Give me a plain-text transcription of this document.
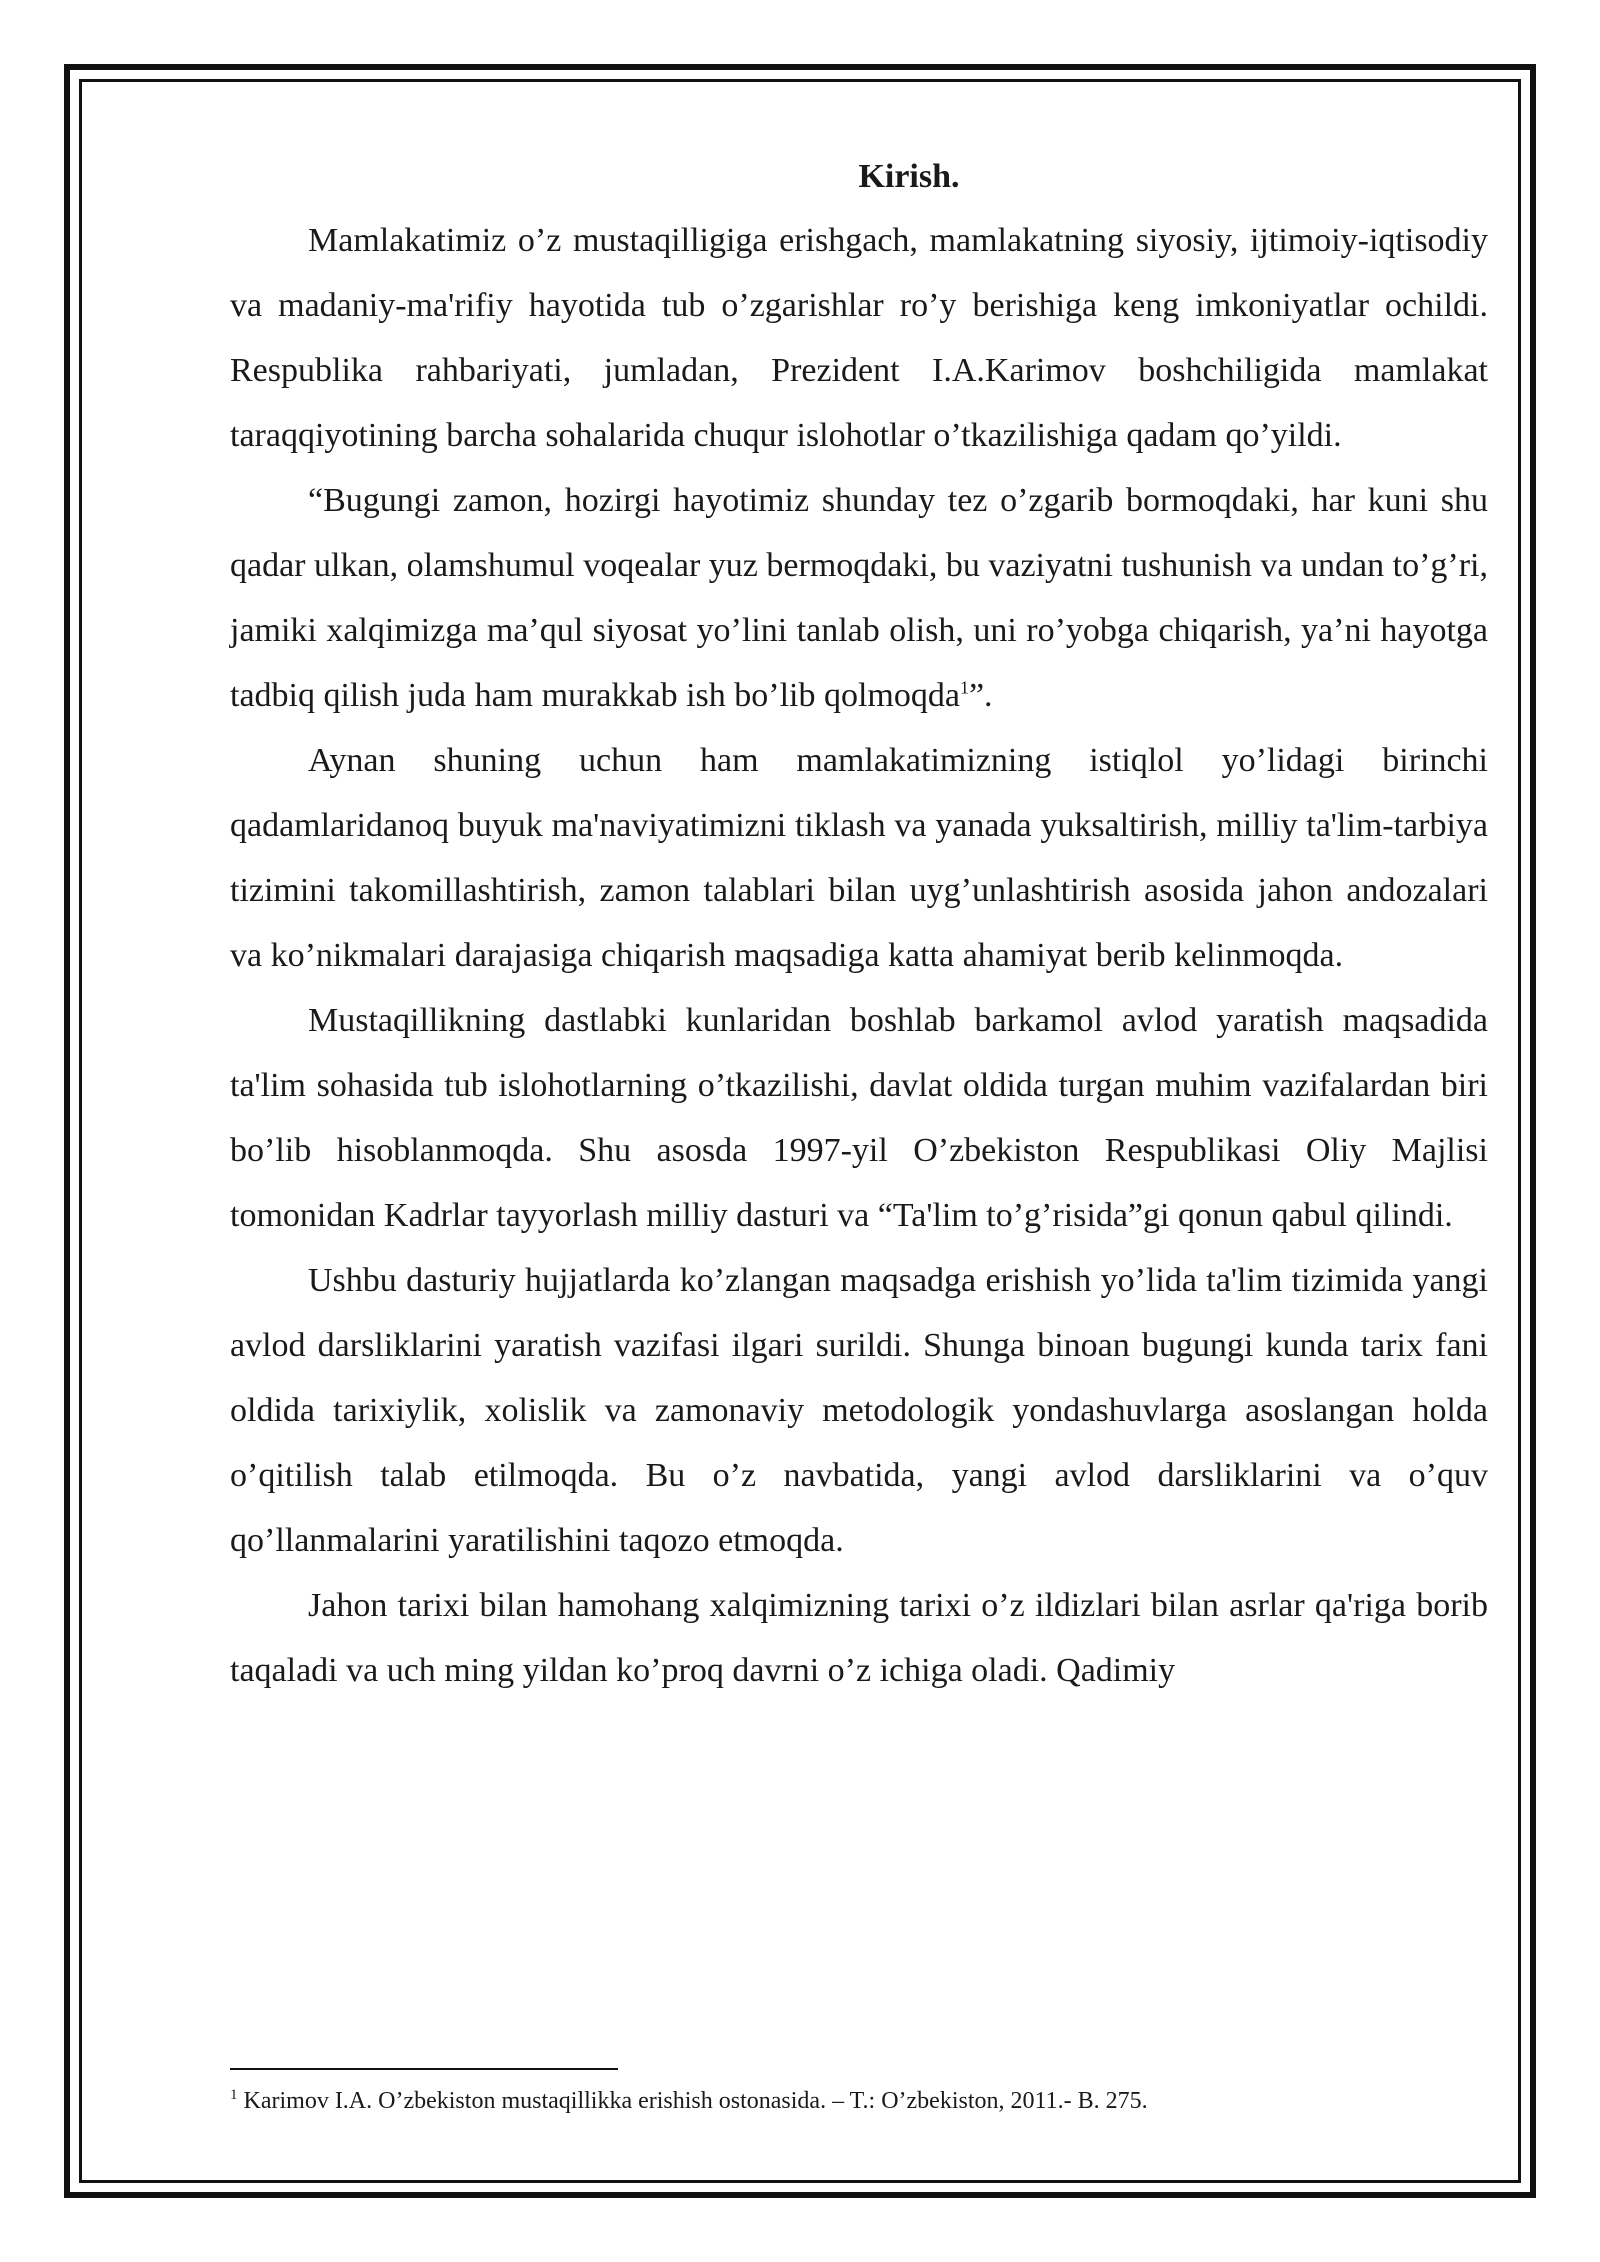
Kirish.

Mamlakatimiz o’z mustaqilligiga erishgach, mamlakatning siyosiy, ijtimoiy-iqtisodiy va madaniy-ma'rifiy hayotida tub o’zgarishlar ro’y berishiga keng imkoniyatlar ochildi. Respublika rahbariyati, jumladan, Prezident I.A.Karimov boshchiligida mamlakat taraqqiyotining barcha sohalarida chuqur islohotlar o’tkazilishiga qadam qo’yildi.

“Bugungi zamon, hozirgi hayotimiz shunday tez o’zgarib bormoqdaki, har kuni shu qadar ulkan, olamshumul voqealar yuz bermoqdaki, bu vaziyatni tushunish va undan to’g’ri, jamiki xalqimizga ma’qul siyosat yo’lini tanlab olish, uni ro’yobga chiqarish, ya’ni hayotga tadbiq qilish juda ham murakkab ish bo’lib qolmoqda$^1$”.

Aynan shuning uchun ham mamlakatimizning istiqlol yo’lidagi birinchi qadamlaridanoq buyuk ma'naviyatimizni tiklash va yanada yuksaltirish, milliy ta'lim-tarbiya tizimini takomillashtirish, zamon talablari bilan uyg’unlashtirish asosida jahon andozalari va ko’nikmalari darajasiga chiqarish maqsadiga katta ahamiyat berib kelinmoqda.

Mustaqillikning dastlabki kunlaridan boshlab barkamol avlod yaratish maqsadida ta'lim sohasida tub islohotlarning o’tkazilishi, davlat oldida turgan muhim vazifalardan biri bo’lib hisoblanmoqda. Shu asosda 1997-yil O’zbekiston Respublikasi Oliy Majlisi tomonidan Kadrlar tayyorlash milliy dasturi va “Ta'lim to’g’risida”gi qonun qabul qilindi.

Ushbu dasturiy hujjatlarda ko’zlangan maqsadga erishish yo’lida ta'lim tizimida yangi avlod darsliklarini yaratish vazifasi ilgari surildi. Shunga binoan bugungi kunda tarix fani oldida tarixiylik, xolislik va zamonaviy metodologik yondashuvlarga asoslangan holda o’qitilish talab etilmoqda. Bu o’z navbatida, yangi avlod darsliklarini va o’quv qo’llanmalarini yaratilishini taqozo etmoqda.

Jahon tarixi bilan hamohang xalqimizning tarixi o’z ildizlari bilan asrlar qa'riga borib taqaladi va uch ming yildan ko’proq davrni o’z ichiga oladi. Qadimiy

$^1$ Karimov I.A. O’zbekiston mustaqillikka erishish ostonasida. – T.: O’zbekiston, 2011.- B. 275.
